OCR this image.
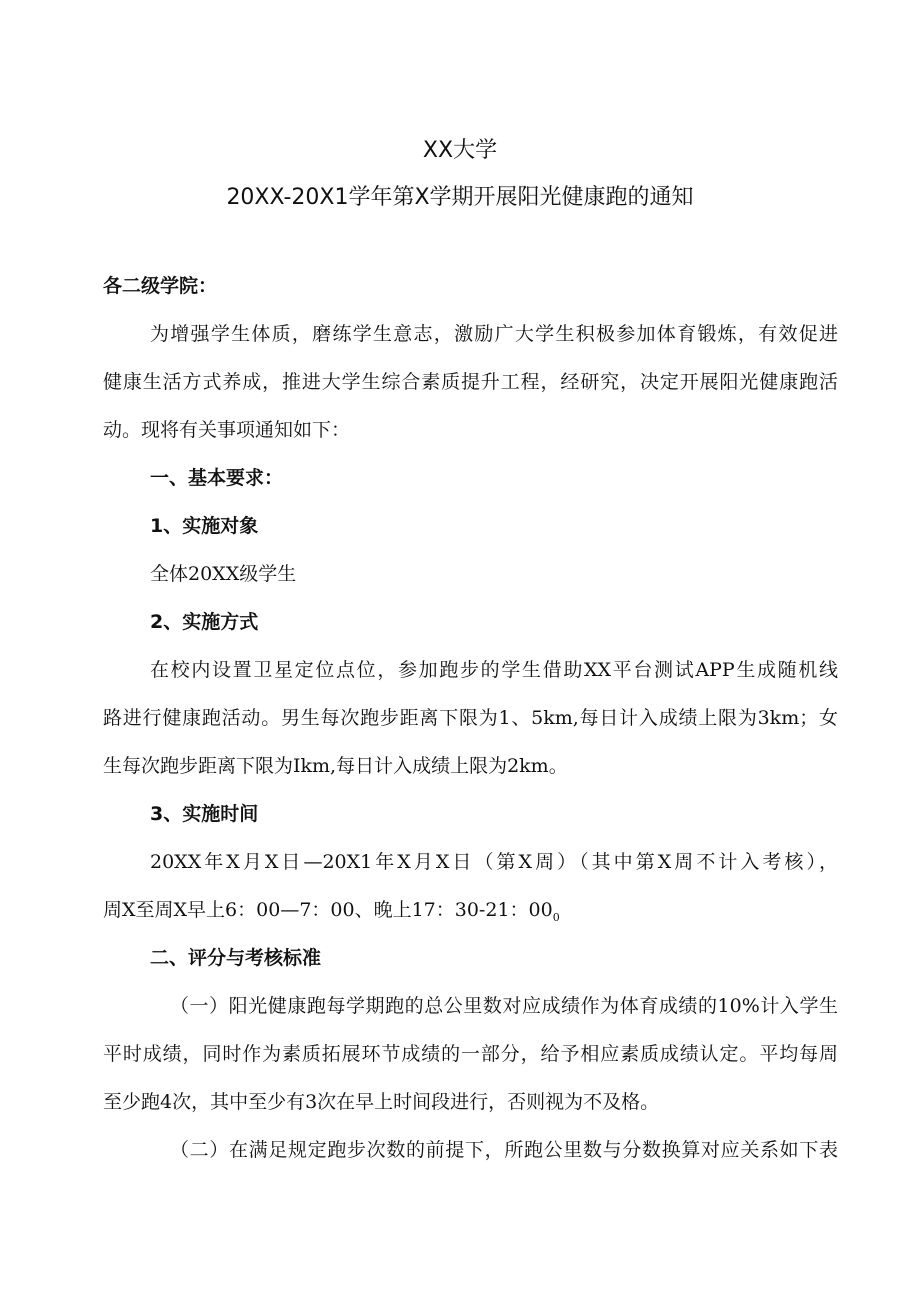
XX大学
20XX-20X1学年第X学期开展阳光健康跑的通知
各二级学院：
为增强学生体质，磨练学生意志，激励广大学生积极参加体育锻炼，有效促进
健康生活方式养成，推进大学生综合素质提升工程，经研究，决定开展阳光健康跑活
动。现将有关事项通知如下：
一、基本要求：
1、实施对象
全体20XX级学生
2、实施方式
在校内设置卫星定位点位，参加跑步的学生借助XX平台测试APP生成随机线
路进行健康跑活动。男生每次跑步距离下限为1、5km,每日计入成绩上限为3km；女
生每次跑步距离下限为Ikm,每日计入成绩上限为2km。
3、实施时间
20XX年X月X日—20X1年X月X日（第X周）（其中第X周不计入考核），
周X至周X早上6：00—7：00、晚上17：30-21：$00_0$
二、评分与考核标准
（一）阳光健康跑每学期跑的总公里数对应成绩作为体育成绩的10%计入学生
平时成绩，同时作为素质拓展环节成绩的一部分，给予相应素质成绩认定。平均每周
至少跑4次，其中至少有3次在早上时间段进行，否则视为不及格。
（二）在满足规定跑步次数的前提下，所跑公里数与分数换算对应关系如下表
